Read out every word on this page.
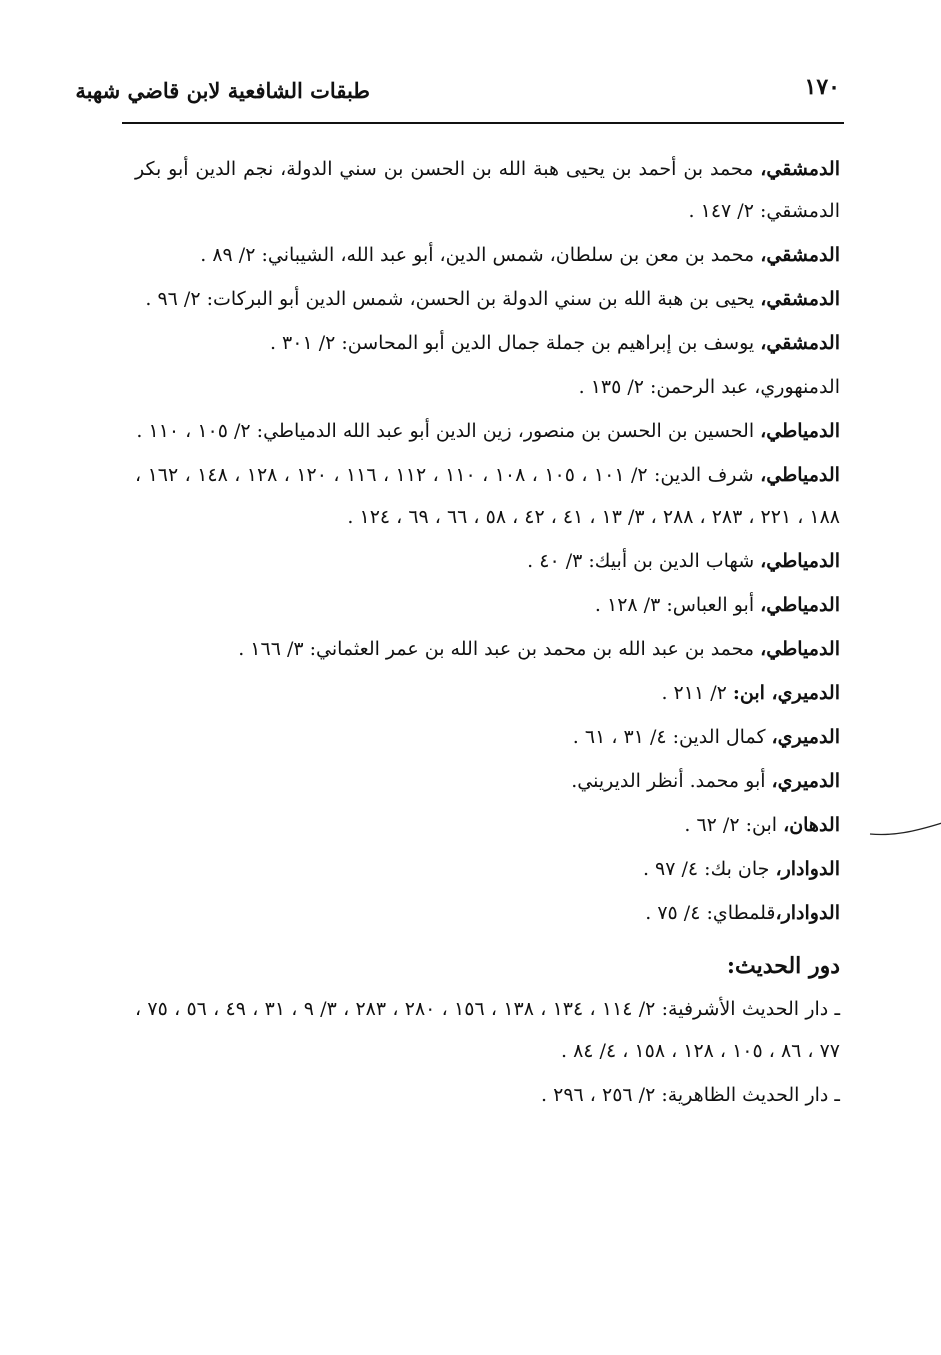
١٧٠
طبقات الشافعية لابن قاضي شهبة
الدمشقي، محمد بن أحمد بن يحيى هبة الله بن الحسن بن سني الدولة، نجم الدين أبو بكر الدمشقي: ٢/ ١٤٧ .
الدمشقي، محمد بن معن بن سلطان، شمس الدين، أبو عبد الله، الشيباني: ٢/ ٨٩ .
الدمشقي، يحيى بن هبة الله بن سني الدولة بن الحسن، شمس الدين أبو البركات: ٢/ ٩٦ .
الدمشقي، يوسف بن إبراهيم بن جملة جمال الدين أبو المحاسن: ٢/ ٣٠١ .
الدمنهوري، عبد الرحمن: ٢/ ١٣٥ .
الدمياطي، الحسين بن الحسن بن منصور، زين الدين أبو عبد الله الدمياطي: ٢/ ١٠٥ ، ١١٠ .
الدمياطي، شرف الدين: ٢/ ١٠١ ، ١٠٥ ، ١٠٨ ، ١١٠ ، ١١٢ ، ١١٦ ، ١٢٠ ، ١٢٨ ، ١٤٨ ، ١٦٢ ، ١٨٨ ، ٢٢١ ، ٢٨٣ ، ٢٨٨ ، ٣/ ١٣ ، ٤١ ، ٤٢ ، ٥٨ ، ٦٦ ، ٦٩ ، ١٢٤ .
الدمياطي، شهاب الدين بن أبيك: ٣/ ٤٠ .
الدمياطي، أبو العباس: ٣/ ١٢٨ .
الدمياطي، محمد بن عبد الله بن محمد بن عبد الله بن عمر العثماني: ٣/ ١٦٦ .
الدميري، ابن: ٢/ ٢١١ .
الدميري، كمال الدين: ٤/ ٣١ ، ٦١ .
الدميري، أبو محمد. أنظر الديريني.
الدهان، ابن: ٢/ ٦٢ .
الدوادار، جان بك: ٤/ ٩٧ .
الدوادار،قلمطاي: ٤/ ٧٥ .
دور الحديث:
ـ دار الحديث الأشرفية: ٢/ ١١٤ ، ١٣٤ ، ١٣٨ ، ١٥٦ ، ٢٨٠ ، ٢٨٣ ، ٣/ ٩ ، ٣١ ، ٤٩ ، ٥٦ ، ٧٥ ، ٧٧ ، ٨٦ ، ١٠٥ ، ١٢٨ ، ١٥٨ ، ٤/ ٨٤ .
ـ دار الحديث الظاهرية: ٢/ ٢٥٦ ، ٢٩٦ .
